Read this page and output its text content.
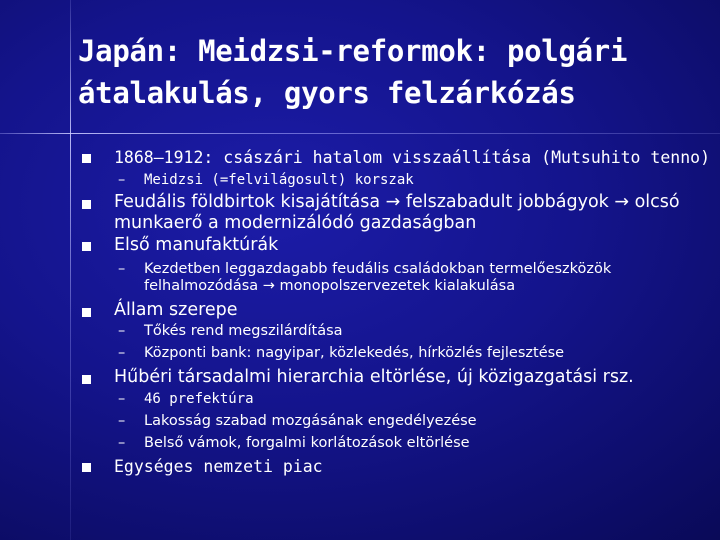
Japán: Meidzsi-reformok: polgári
átalakulás, gyors felzárkózás
1868–1912: császári hatalom visszaállítása (Mutsuhito tenno)
– Meidzsi (=felvilágosult) korszak
Feudális földbirtok kisajátítása → felszabadult jobbágyok → olcsó
munkaerő a modernizálódó gazdaságban
Első manufaktúrák
– Kezdetben leggazdagabb feudális családokban termelőeszközök
felhalmozódása → monopolszervezetek kialakulása
Állam szerepe
– Tőkés rend megszilárdítása
– Központi bank: nagyipar, közlekedés, hírközlés fejlesztése
Hűbéri társadalmi hierarchia eltörlése, új közigazgatási rsz.
– 46 prefektúra
– Lakosság szabad mozgásának engedélyezése
– Belső vámok, forgalmi korlátozások eltörlése
Egységes nemzeti piac
